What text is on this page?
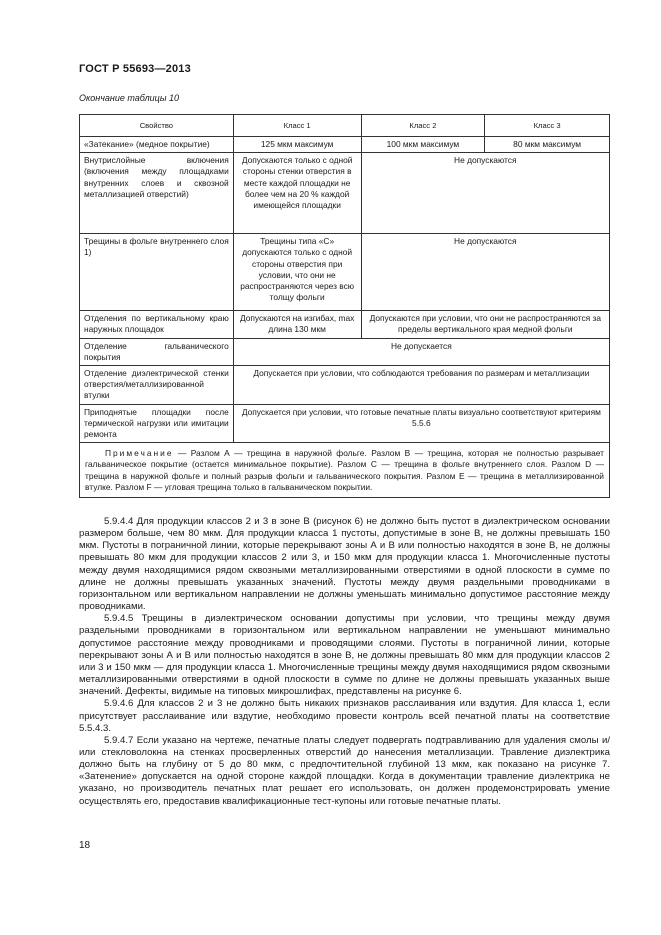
ГОСТ Р 55693—2013
Окончание таблицы 10
Свойство	Класс 1	Класс 2	Класс 3
«Затекание» (медное покрытие)	125 мкм максимум	100 мкм максимум	80 мкм максимум
Внутрислойные включения (включения между площадками внутренних слоев и сквозной металлизацией отверстий)	Допускаются только с одной стороны стенки отверстия в месте каждой площадки не более чем на 20 % каждой имеющейся площадки	Не допускаются	
Трещины в фольге внутреннего слоя 1)	Трещины типа «С» допускаются только с одной стороны отверстия при условии, что они не распространяются через всю толщу фольги	Не допускаются	
Отделения по вертикальному краю наружных площадок	Допускаются на изгибах, max длина 130 мкм	Допускаются при условии, что они не распространяются за пределы вертикального края медной фольги	
Отделение гальванического покрытия	Не допускается		
Отделение диэлектрической стенки отверстия/металлизированной втулки	Допускается при условии, что соблюдаются требования по размерам и металлизации		
Приподнятые площадки после термической нагрузки или имитации ремонта	Допускается при условии, что готовые печатные платы визуально соответствуют критериям 5.5.6		
Примечание — Разлом А — трещина в наружной фольге. Разлом В — трещина, которая не полностью разрывает гальваническое покрытие (остается минимальное покрытие). Разлом С — трещина в фольге внутреннего слоя. Разлом D — трещина в наружной фольге и полный разрыв фольги и гальванического покрытия. Разлом Е — трещина в металлизированной втулке. Разлом F — угловая трещина только в гальваническом покрытии.			

5.9.4.4 Для продукции классов 2 и 3 в зоне В (рисунок 6) не должно быть пустот в диэлектрическом основании размером больше, чем 80 мкм. Для продукции класса 1 пустоты, допустимые в зоне В, не должны превышать 150 мкм. Пустоты в пограничной линии, которые перекрывают зоны А и В или полностью находятся в зоне В, не должны превышать 80 мкм для продукции классов 2 или 3, и 150 мкм для продукции класса 1. Многочисленные пустоты между двумя находящимися рядом сквозными металлизированными отверстиями в одной плоскости в сумме по длине не должны превышать указанных значений. Пустоты между двумя раздельными проводниками в горизонтальном или вертикальном направлении не должны уменьшать минимально допустимое расстояние между проводниками.

5.9.4.5 Трещины в диэлектрическом основании допустимы при условии, что трещины между двумя раздельными проводниками в горизонтальном или вертикальном направлении не уменьшают минимально допустимое расстояние между проводниками и проводящими слоями. Пустоты в пограничной линии, которые перекрывают зоны А и В или полностью находятся в зоне В, не должны превышать 80 мкм для продукции классов 2 или 3 и 150 мкм — для продукции класса 1. Многочисленные трещины между двумя находящимися рядом сквозными металлизированными отверстиями в одной плоскости в сумме по длине не должны превышать указанных выше значений. Дефекты, видимые на типовых микрошлифах, представлены на рисунке 6.

5.9.4.6 Для классов 2 и 3 не должно быть никаких признаков расслаивания или вздутия. Для класса 1, если присутствует расслаивание или вздутие, необходимо провести контроль всей печатной платы на соответствие 5.5.4.3.

5.9.4.7 Если указано на чертеже, печатные платы следует подвергать подтравливанию для удаления смолы и/или стекловолокна на стенках просверленных отверстий до нанесения металлизации. Травление диэлектрика должно быть на глубину от 5 до 80 мкм, с предпочтительной глубиной 13 мкм, как показано на рисунке 7. «Затенение» допускается на одной стороне каждой площадки. Когда в документации травление диэлектрика не указано, но производитель печатных плат решает его использовать, он должен продемонстрировать умение осуществлять его, предоставив квалификационные тест-купоны или готовые печатные платы.

18
